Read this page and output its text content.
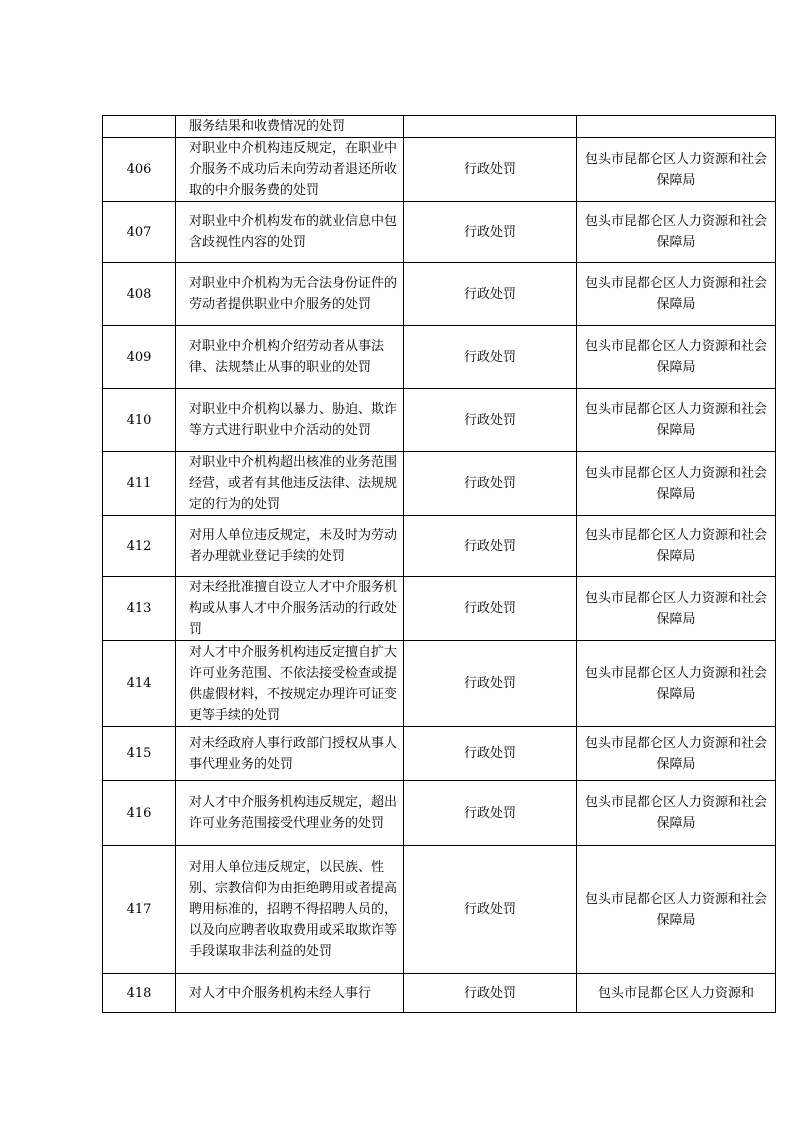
	服务结果和收费情况的处罚		
406	对职业中介机构违反规定，在职业中介服务不成功后未向劳动者退还所收取的中介服务费的处罚	行政处罚	包头市昆都仑区人力资源和社会保障局
407	对职业中介机构发布的就业信息中包含歧视性内容的处罚	行政处罚	包头市昆都仑区人力资源和社会保障局
408	对职业中介机构为无合法身份证件的劳动者提供职业中介服务的处罚	行政处罚	包头市昆都仑区人力资源和社会保障局
409	对职业中介机构介绍劳动者从事法律、法规禁止从事的职业的处罚	行政处罚	包头市昆都仑区人力资源和社会保障局
410	对职业中介机构以暴力、胁迫、欺诈等方式进行职业中介活动的处罚	行政处罚	包头市昆都仑区人力资源和社会保障局
411	对职业中介机构超出核准的业务范围经营，或者有其他违反法律、法规规定的行为的处罚	行政处罚	包头市昆都仑区人力资源和社会保障局
412	对用人单位违反规定，未及时为劳动者办理就业登记手续的处罚	行政处罚	包头市昆都仑区人力资源和社会保障局
413	对未经批准擅自设立人才中介服务机构或从事人才中介服务活动的行政处罚	行政处罚	包头市昆都仑区人力资源和社会保障局
414	对人才中介服务机构违反定擅自扩大许可业务范围、不依法接受检查或提供虚假材料，不按规定办理许可证变更等手续的处罚	行政处罚	包头市昆都仑区人力资源和社会保障局
415	对未经政府人事行政部门授权从事人事代理业务的处罚	行政处罚	包头市昆都仑区人力资源和社会保障局
416	对人才中介服务机构违反规定，超出许可业务范围接受代理业务的处罚	行政处罚	包头市昆都仑区人力资源和社会保障局
417	对用人单位违反规定，以民族、性别、宗教信仰为由拒绝聘用或者提高聘用标准的，招聘不得招聘人员的，以及向应聘者收取费用或采取欺诈等手段谋取非法利益的处罚	行政处罚	包头市昆都仑区人力资源和社会保障局
418	对人才中介服务机构未经人事行	行政处罚	包头市昆都仑区人力资源和
